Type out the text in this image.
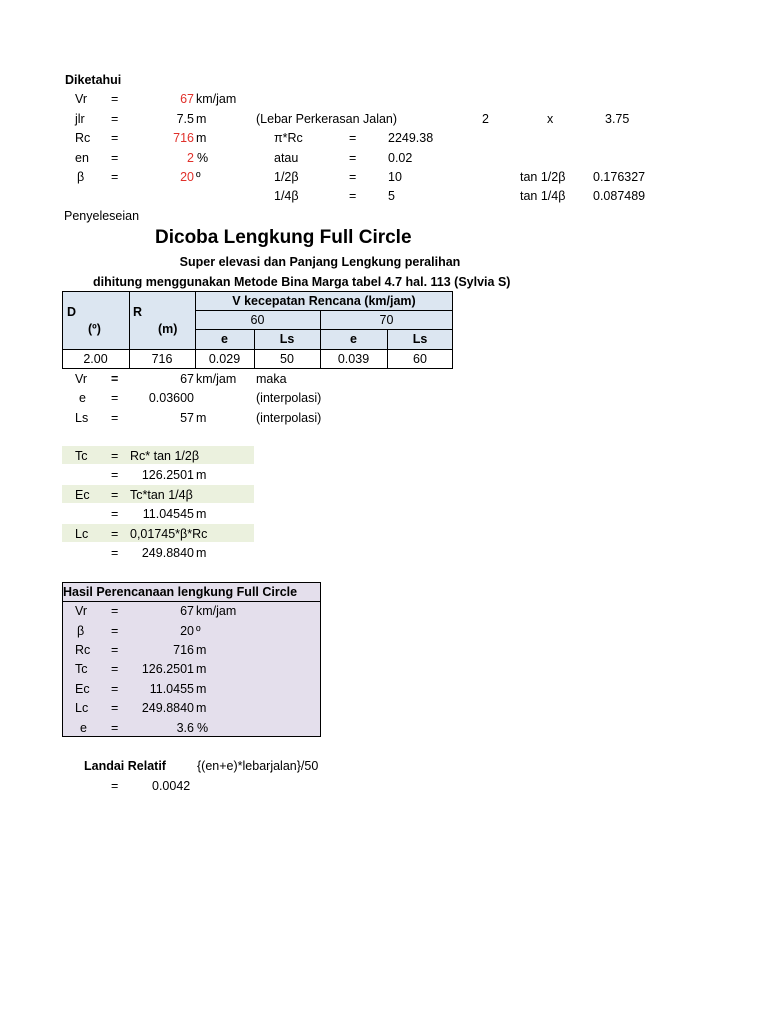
Diketahui
Vr =	67 km/jam
jlr =	7.5 m	(Lebar Perkerasan Jalan)	2	x	3.75
Rc =	716 m	π*Rc	=	2249.38
en =	2 %	atau	=	0.02
β =	20 º	1/2β	=	10	tan 1/2β 0.176327
1/4β	=	5	tan 1/4β 0.087489
Penyeleseian
Dicoba Lengkung Full Circle
Super elevasi dan Panjang Lengkung peralihan
dihitung menggunakan Metode Bina Marga tabel 4.7 hal. 113 (Sylvia S)
D
(º)
R
(m)
V kecepatan Rencana (km/jam)
60	70
e	Ls	e	Ls
2.00	716	0.029	50	0.039	60
Vr =	67 km/jam maka
e =	0.03600	(interpolasi)
Ls =	57 m	(interpolasi)
Tc = Rc* tan 1/2β
=	126.2501 m
Ec = Tc*tan 1/4β
=	11.04545 m
Lc = 0,01745*β*Rc
=	249.8840 m
Hasil Perencanaan lengkung Full Circle
Vr =	67 km/jam
β =	20 º
Rc =	716 m
Tc =	126.2501 m
Ec =	11.0455 m
Lc =	249.8840 m
e =	3.6 %
Landai Relatif {(en+e)*lebarjalan}/50
=	0.0042
